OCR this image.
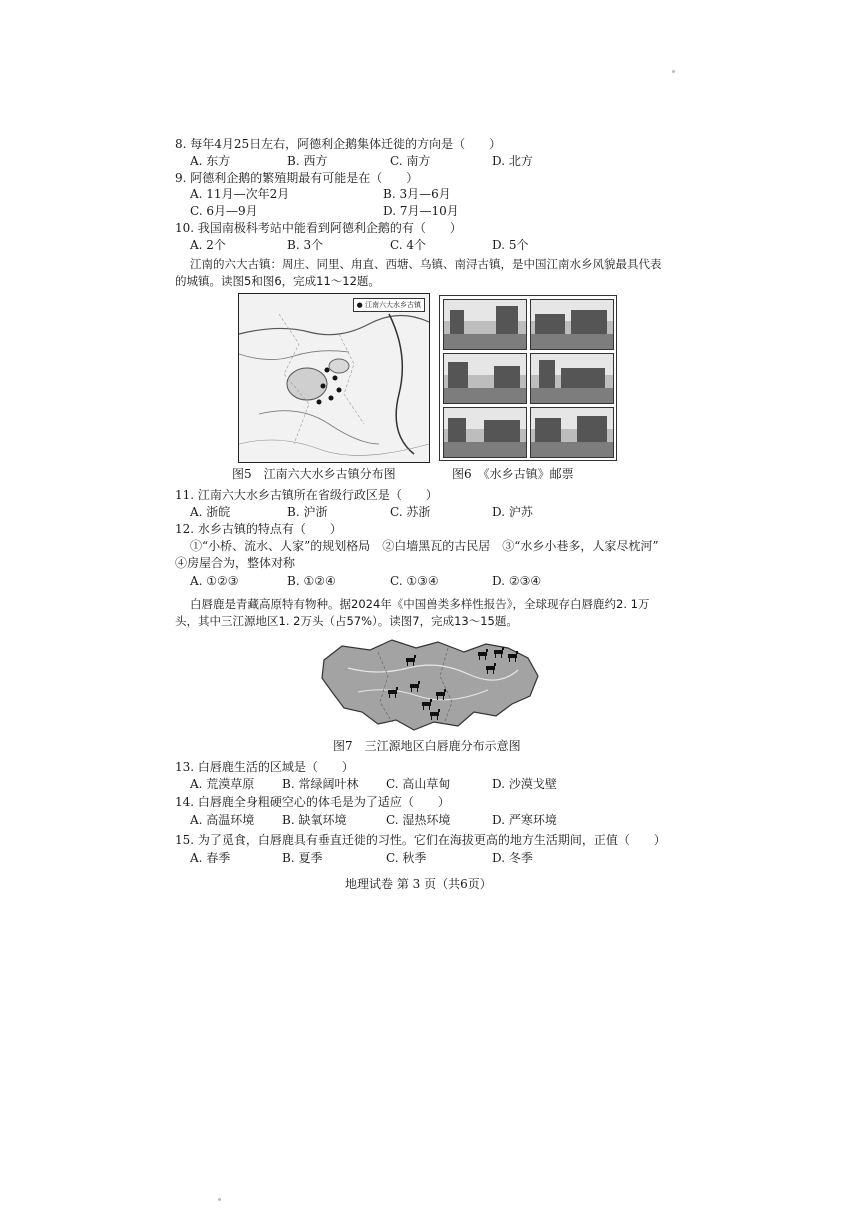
8. 每年4月25日左右，阿德利企鹅集体迁徙的方向是（　　）
A. 东方	B. 西方	C. 南方	D. 北方
9. 阿德利企鹅的繁殖期最有可能是在（　　）
A. 11月—次年2月	B. 3月—6月
C. 6月—9月	D. 7月—10月
10. 我国南极科考站中能看到阿德利企鹅的有（　　）
A. 2个	B. 3个	C. 4个	D. 5个
江南的六大古镇：周庄、同里、甪直、西塘、乌镇、南浔古镇，是中国江南水乡风貌最具代表
的城镇。读图5和图6，完成11～12题。
● 江南六大水乡古镇
图5　江南六大水乡古镇分布图	图6　《水乡古镇》邮票
11. 江南六大水乡古镇所在省级行政区是（　　）
A. 浙皖	B. 沪浙	C. 苏浙	D. 沪苏
12. 水乡古镇的特点有（　　）
①“小桥、流水、人家”的规划格局　②白墙黑瓦的古民居　③“水乡小巷多，人家尽枕河”
④房屋合为，整体对称
A. ①②③	B. ①②④	C. ①③④	D. ②③④
白唇鹿是青藏高原特有物种。据2024年《中国兽类多样性报告》，全球现存白唇鹿约2. 1万
头，其中三江源地区1. 2万头（占57%）。读图7，完成13～15题。
图7　三江源地区白唇鹿分布示意图
13. 白唇鹿生活的区域是（　　）
A. 荒漠草原 B. 常绿阔叶林 C. 高山草甸	D. 沙漠戈壁
14. 白唇鹿全身粗硬空心的体毛是为了适应（　　）
A. 高温环境 B. 缺氧环境	C. 湿热环境	D. 严寒环境
15. 为了觅食，白唇鹿具有垂直迁徙的习性。它们在海拔更高的地方生活期间，正值（　　）
A. 春季	B. 夏季	C. 秋季	D. 冬季
地理试卷 第 3 页（共6页）
